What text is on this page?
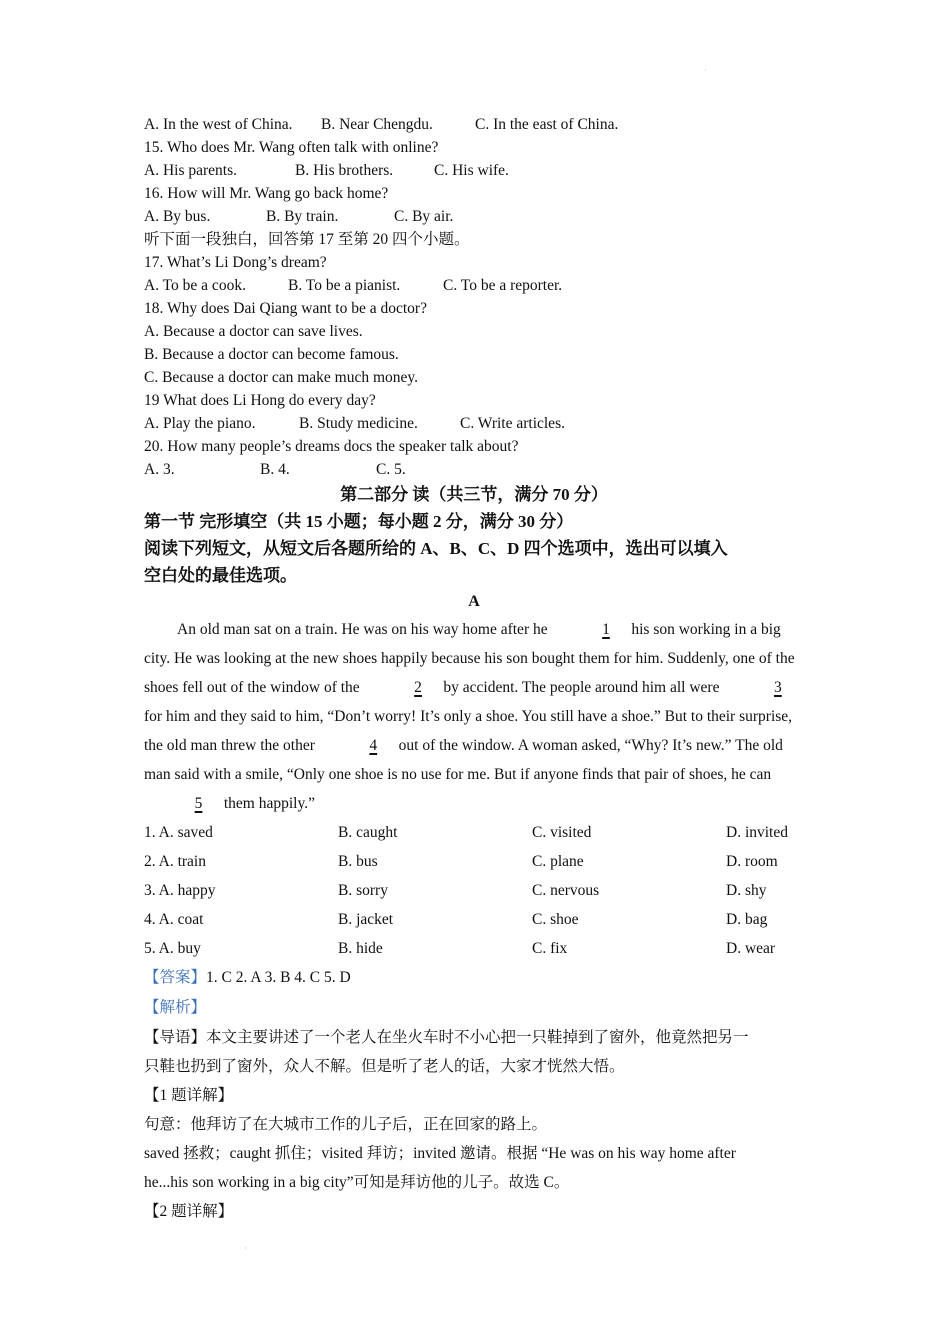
·
A. In the west of China.	B. Near Chengdu.	C. In the east of China.
15. Who does Mr. Wang often talk with online?
A. His parents.	B. His brothers.	C. His wife.
16. How will Mr. Wang go back home?
A. By bus.	B. By train.	C. By air.
听下面一段独白，回答第 17 至第 20 四个小题。
17. What’s Li Dong’s dream?
A. To be a cook.	B. To be a pianist.	C. To be a reporter.
18. Why does Dai Qiang want to be a doctor?
A. Because a doctor can save lives.
B. Because a doctor can become famous.
C. Because a doctor can make much money.
19 What does Li Hong do every day?
A. Play the piano.	B. Study medicine.	C. Write articles.
20. How many people’s dreams docs the speaker talk about?
A. 3.	B. 4.	C. 5.
第二部分 读（共三节，满分 70 分）
第一节 完形填空（共 15 小题；每小题 2 分，满分 30 分）
阅读下列短文，从短文后各题所给的 A、B、C、D 四个选项中，选出可以填入
空白处的最佳选项。
A
An old man sat on a train. He was on his way home after he	1 his son working in a big city. He was looking at the new shoes happily because his son bought them for him. Suddenly, one of the shoes fell out of the window of the	2 by accident. The people around him all were	3 for him and they said to him, “Don’t worry! It’s only a shoe. You still have a shoe.” But to their surprise, the old man threw the other	4 out of the window. A woman asked, “Why? It’s new.” The old man said with a smile, “Only one shoe is no use for me. But if anyone finds that pair of shoes, he can 5 them happily.”
1. A. saved	B. caught	C. visited	D. invited
2. A. train	B. bus	C. plane	D. room
3. A. happy	B. sorry	C. nervous	D. shy
4. A. coat	B. jacket	C. shoe	D. bag
5. A. buy	B. hide	C. fix	D. wear
【答案】1. C 2. A 3. B 4. C 5. D
【解析】
【导语】本文主要讲述了一个老人在坐火车时不小心把一只鞋掉到了窗外，他竟然把另一
只鞋也扔到了窗外，众人不解。但是听了老人的话，大家才恍然大悟。
【1 题详解】
句意：他拜访了在大城市工作的儿子后，正在回家的路上。
saved 拯救；caught 抓住；visited 拜访；invited 邀请。根据 “He was on his way home after
he...his son working in a big city”可知是拜访他的儿子。故选 C。
【2 题详解】
·
